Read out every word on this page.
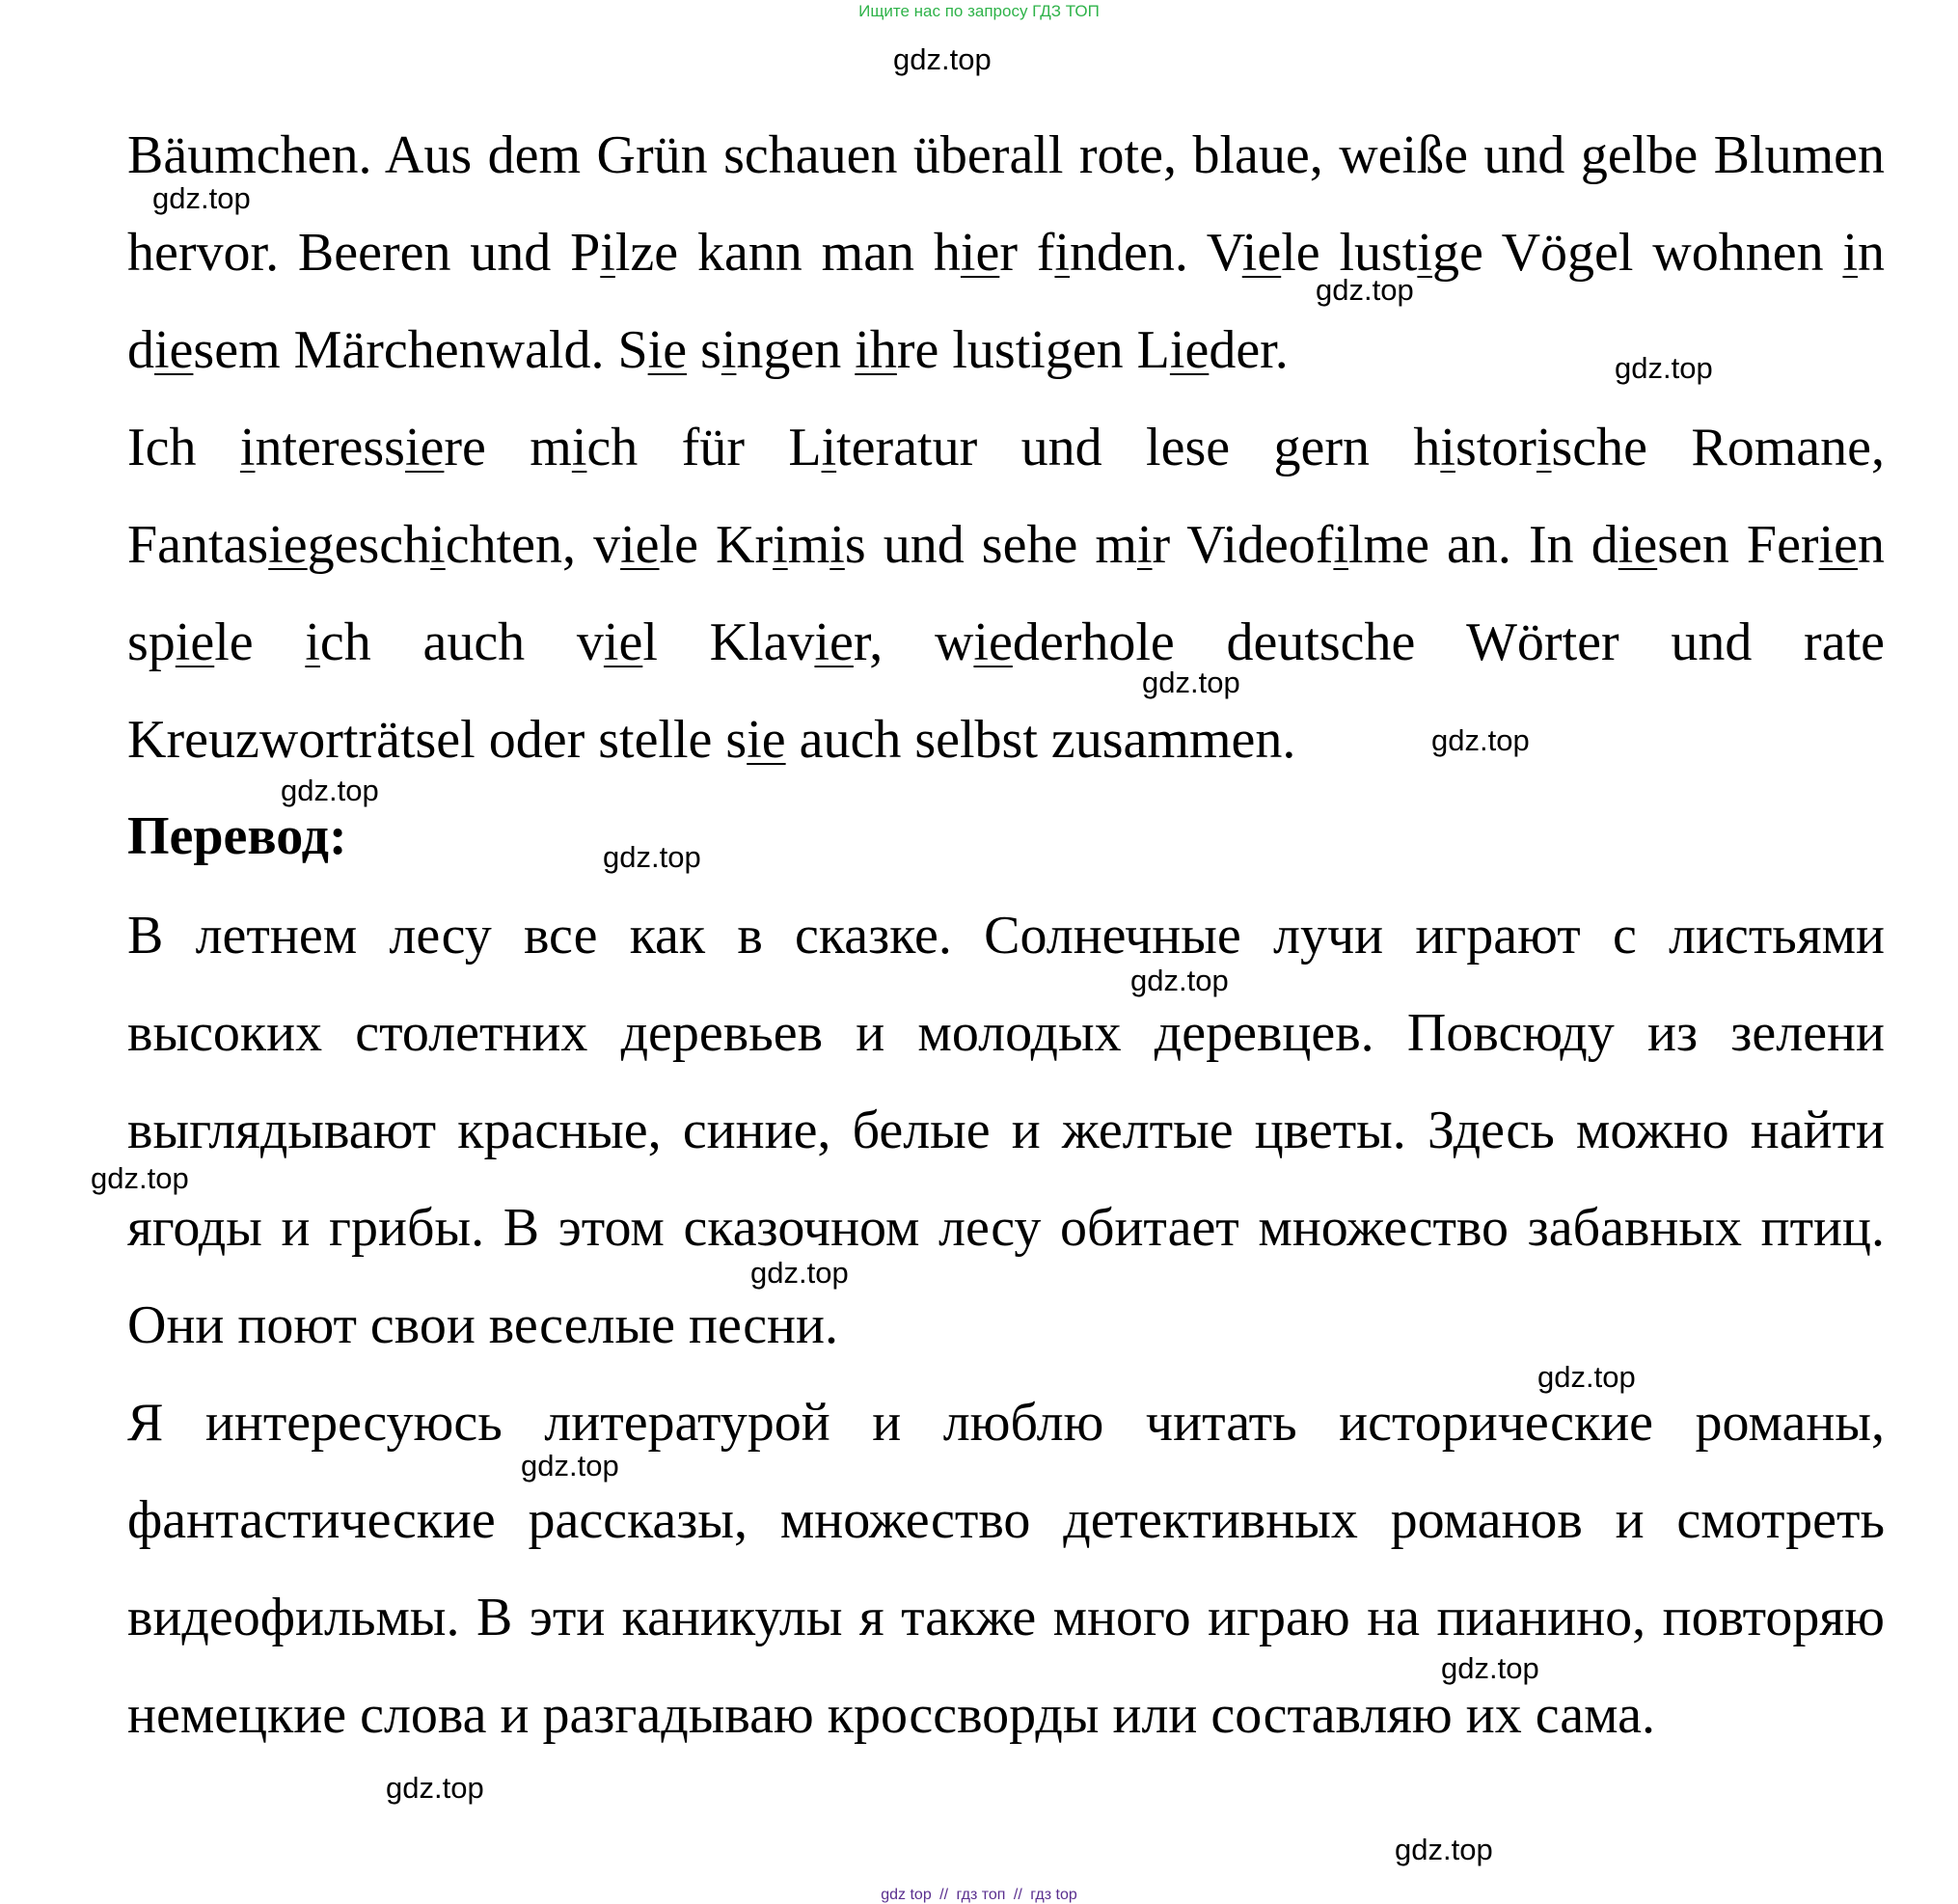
Ищите нас по запросу ГДЗ ТОП

Bäumchen. Aus dem Grün schauen überall rote, blaue, weiße und gelbe Blumen hervor. Beeren und Pilze kann man hier finden. Viele lustige Vögel wohnen in diesem Märchenwald. Sie singen ihre lustigen Lieder.

Ich interessiere mich für Literatur und lese gern historische Romane, Fantasiegeschichten, viele Krimis und sehe mir Videofilme an. In diesen Ferien spiele ich auch viel Klavier, wiederhole deutsche Wörter und rate Kreuzworträtsel oder stelle sie auch selbst zusammen.

Перевод:

В летнем лесу все как в сказке. Солнечные лучи играют с листьями высоких столетних деревьев и молодых деревцев. Повсюду из зелени выглядывают красные, синие, белые и желтые цветы. Здесь можно найти ягоды и грибы. В этом сказочном лесу обитает множество забавных птиц. Они поют свои веселые песни.

Я интересуюсь литературой и люблю читать исторические романы, фантастические рассказы, множество детективных романов и смотреть видеофильмы. В эти каникулы я также много играю на пианино, повторяю немецкие слова и разгадываю кроссворды или составляю их сама.

gdz.top
gdz.top
gdz.top
gdz.top
gdz.top
gdz.top
gdz.top
gdz.top
gdz.top
gdz.top
gdz.top
gdz.top
gdz.top
gdz.top
gdz.top
gdz.top
gdz top // гдз топ // гдз top
